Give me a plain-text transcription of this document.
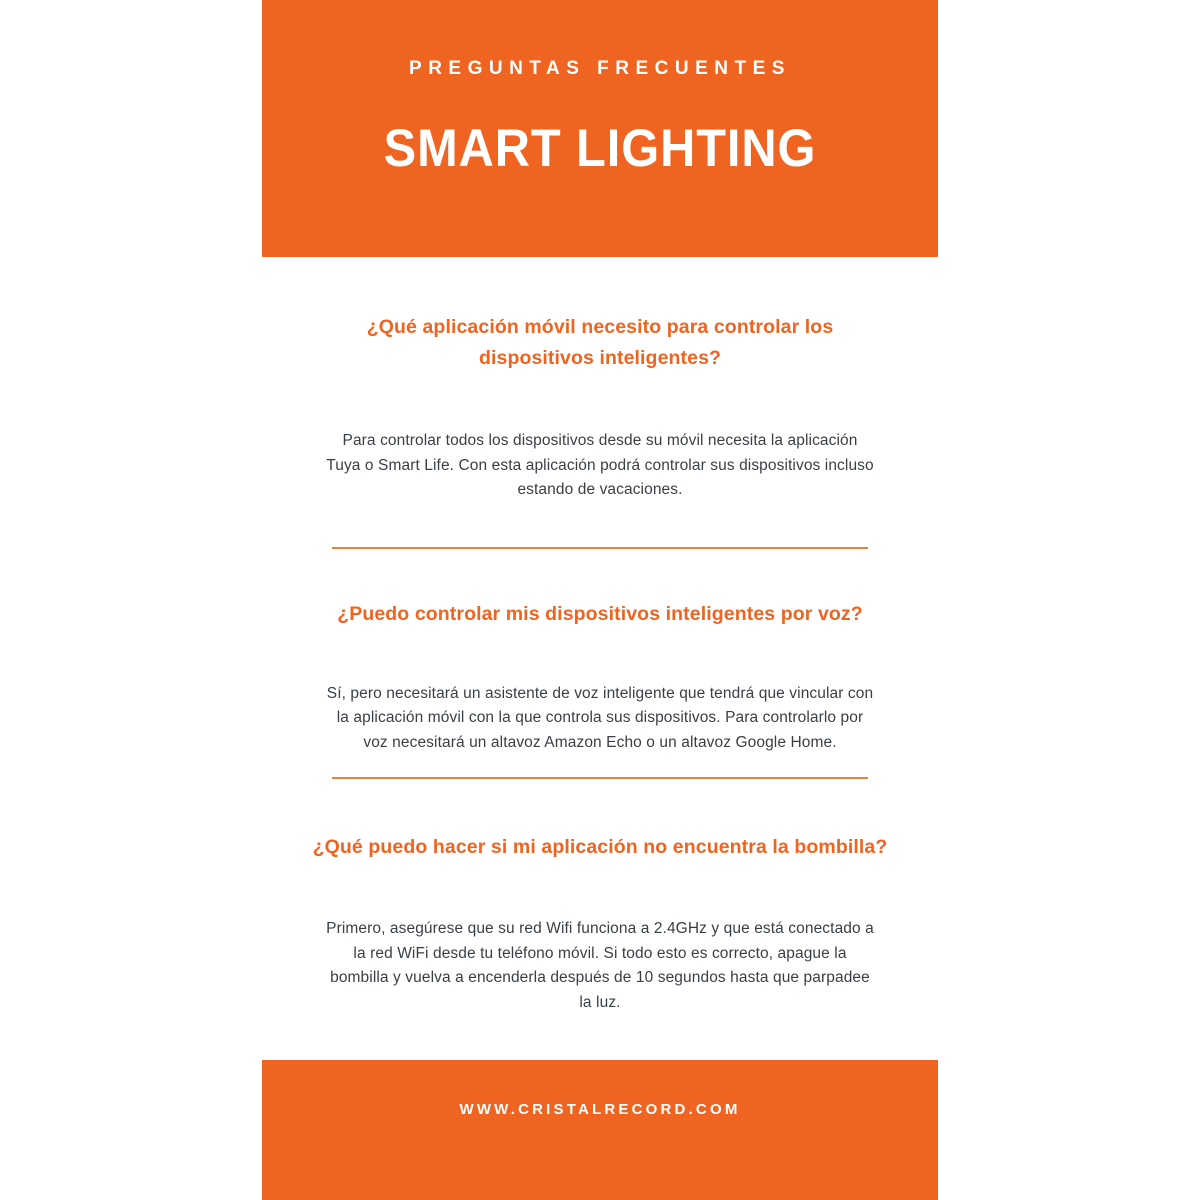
PREGUNTAS FRECUENTES
SMART LIGHTING
¿Qué aplicación móvil necesito para controlar los dispositivos inteligentes?
Para controlar todos los dispositivos desde su móvil necesita la aplicación Tuya o Smart Life. Con esta aplicación podrá controlar sus dispositivos incluso estando de vacaciones.
¿Puedo controlar mis dispositivos inteligentes por voz?
Sí, pero necesitará un asistente de voz inteligente que tendrá que vincular con la aplicación móvil con la que controla sus dispositivos. Para controlarlo por voz necesitará un altavoz Amazon Echo o un altavoz Google Home.
¿Qué puedo hacer si mi aplicación no encuentra la bombilla?
Primero, asegúrese que su red Wifi funciona a 2.4GHz y que está conectado a la red WiFi desde tu teléfono móvil. Si todo esto es correcto, apague la bombilla y vuelva a encenderla después de 10 segundos hasta que parpadee la luz.
WWW.CRISTALRECORD.COM
